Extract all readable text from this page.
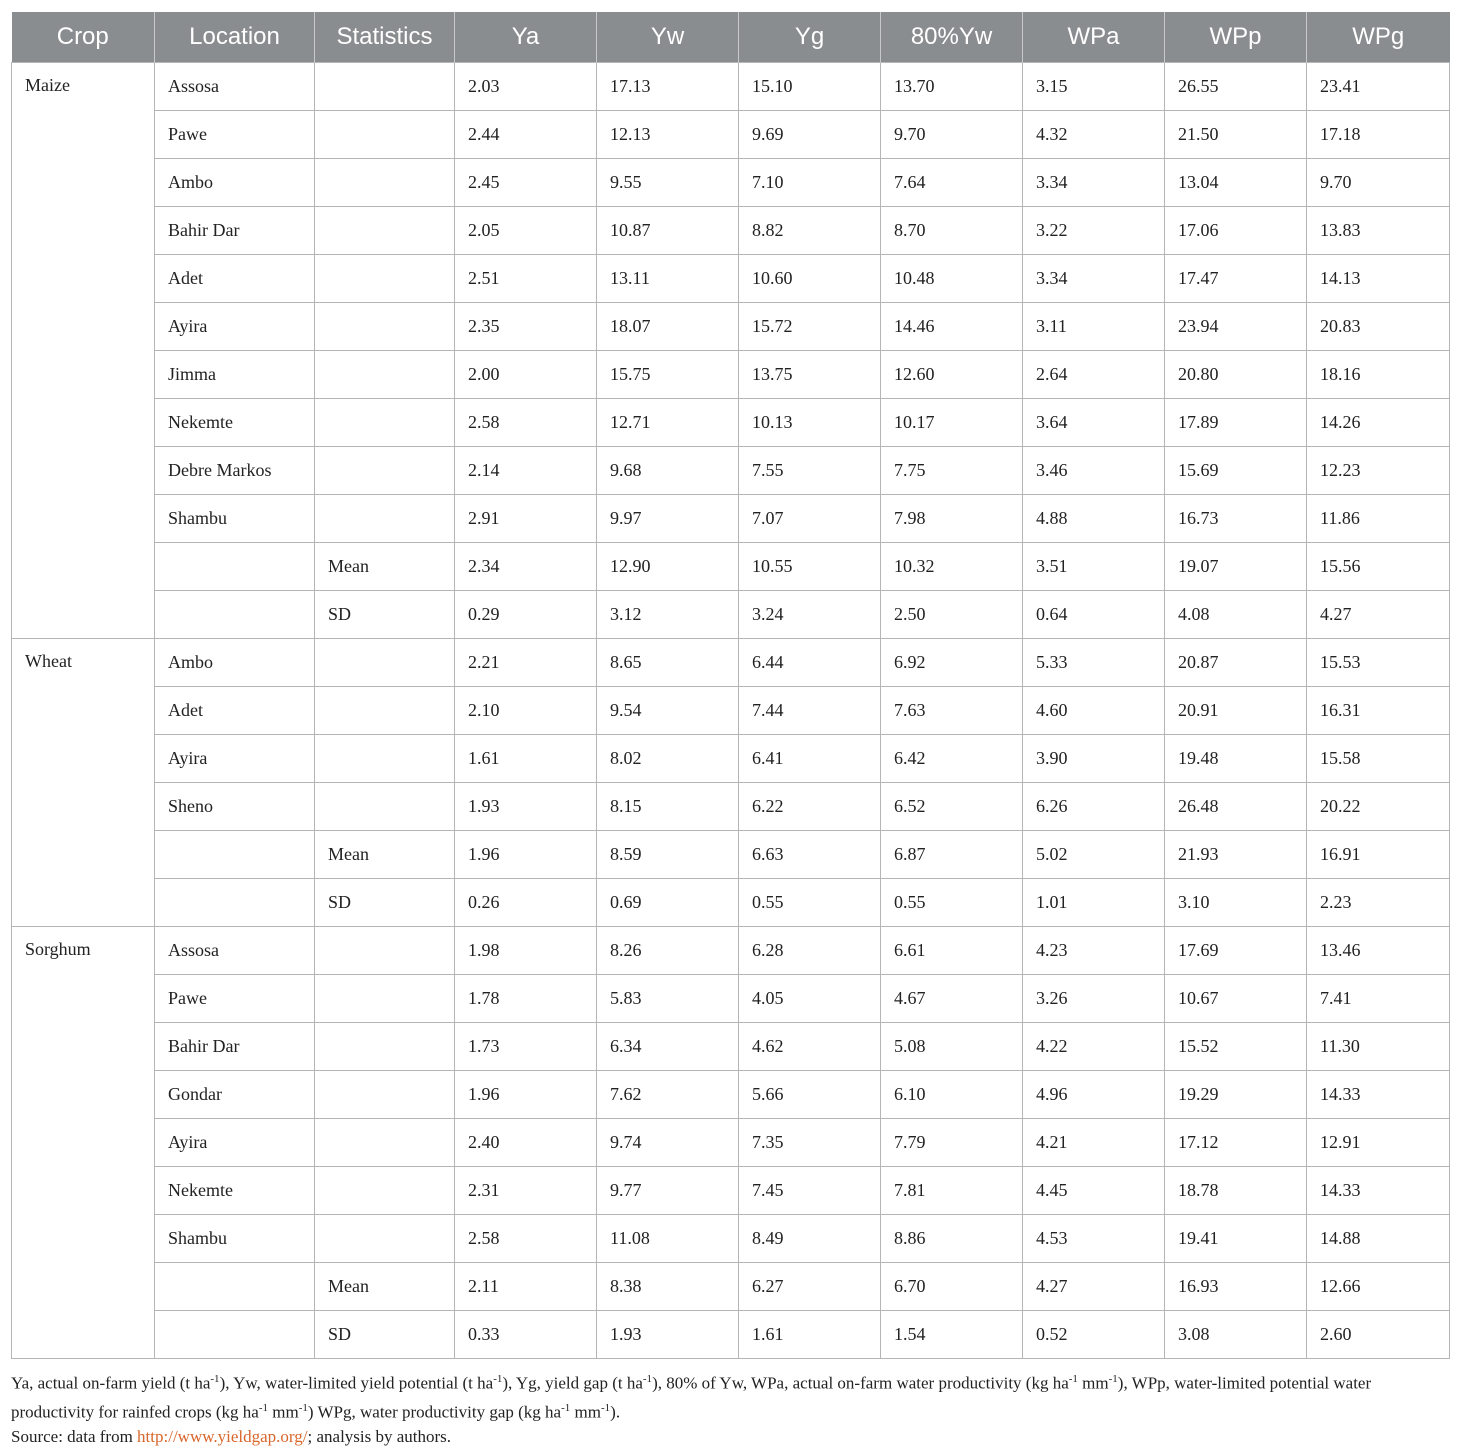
Crop	Location	Statistics	Ya	Yw	Yg	80%Yw	WPa	WPp	WPg
Maize	Assosa		2.03	17.13	15.10	13.70	3.15	26.55	23.41
	Pawe		2.44	12.13	9.69	9.70	4.32	21.50	17.18
	Ambo		2.45	9.55	7.10	7.64	3.34	13.04	9.70
	Bahir Dar		2.05	10.87	8.82	8.70	3.22	17.06	13.83
	Adet		2.51	13.11	10.60	10.48	3.34	17.47	14.13
	Ayira		2.35	18.07	15.72	14.46	3.11	23.94	20.83
	Jimma		2.00	15.75	13.75	12.60	2.64	20.80	18.16
	Nekemte		2.58	12.71	10.13	10.17	3.64	17.89	14.26
	Debre Markos		2.14	9.68	7.55	7.75	3.46	15.69	12.23
	Shambu		2.91	9.97	7.07	7.98	4.88	16.73	11.86
		Mean	2.34	12.90	10.55	10.32	3.51	19.07	15.56
		SD	0.29	3.12	3.24	2.50	0.64	4.08	4.27
Wheat	Ambo		2.21	8.65	6.44	6.92	5.33	20.87	15.53
	Adet		2.10	9.54	7.44	7.63	4.60	20.91	16.31
	Ayira		1.61	8.02	6.41	6.42	3.90	19.48	15.58
	Sheno		1.93	8.15	6.22	6.52	6.26	26.48	20.22
		Mean	1.96	8.59	6.63	6.87	5.02	21.93	16.91
		SD	0.26	0.69	0.55	0.55	1.01	3.10	2.23
Sorghum	Assosa		1.98	8.26	6.28	6.61	4.23	17.69	13.46
	Pawe		1.78	5.83	4.05	4.67	3.26	10.67	7.41
	Bahir Dar		1.73	6.34	4.62	5.08	4.22	15.52	11.30
	Gondar		1.96	7.62	5.66	6.10	4.96	19.29	14.33
	Ayira		2.40	9.74	7.35	7.79	4.21	17.12	12.91
	Nekemte		2.31	9.77	7.45	7.81	4.45	18.78	14.33
	Shambu		2.58	11.08	8.49	8.86	4.53	19.41	14.88
		Mean	2.11	8.38	6.27	6.70	4.27	16.93	12.66
		SD	0.33	1.93	1.61	1.54	0.52	3.08	2.60
Ya, actual on-farm yield (t $ha^{-1}$), Yw, water-limited yield potential (t $ha^{-1}$), Yg, yield gap (t $ha^{-1}$), 80% of Yw, WPa, actual on-farm water productivity (kg $ha^{-1}$ $mm^{-1}$), WPp, water-limited potential water productivity for rainfed crops (kg $ha^{-1}$ $mm^{-1}$) WPg, water productivity gap (kg $ha^{-1}$ $mm^{-1}$).
Source: data from http://www.yieldgap.org/; analysis by authors.
